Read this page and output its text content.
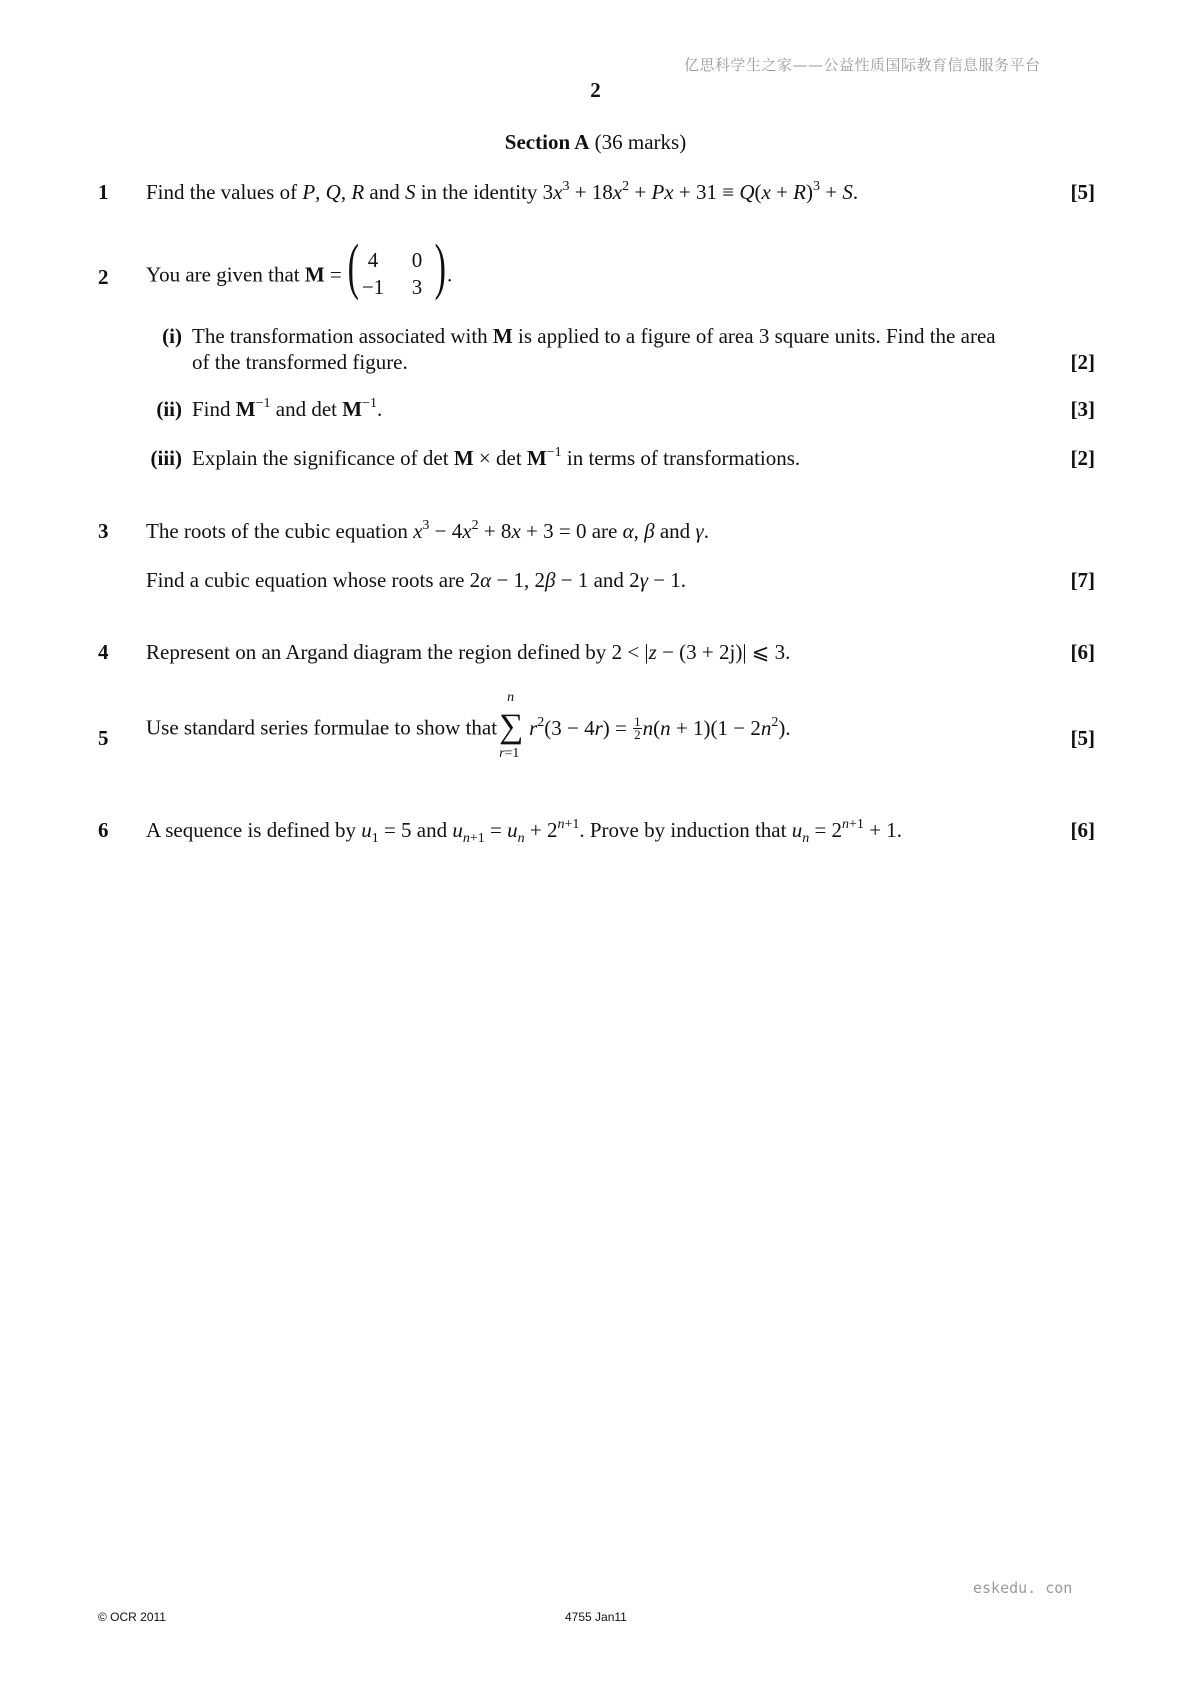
亿思科学生之家——公益性质国际教育信息服务平台
2
Section A (36 marks)
1 Find the values of P, Q, R and S in the identity $3x^3 + 18x^2 + Px + 31 \equiv Q(x + R)^3 + S$.	[5]
2 You are given that M = ( 4	0
−1	3 ) .
(i) The transformation associated with M is applied to a figure of area 3 square units. Find the area
of the transformed figure.	[2]
(ii) Find $M^{-1}$ and $\det M^{-1}$.	[3]
(iii) Explain the significance of $\det M \times \det M^{-1}$ in terms of transformations.	[2]
3 The roots of the cubic equation $x^3 - 4x^2 + 8x + 3 = 0$ are α, β and γ.
Find a cubic equation whose roots are 2α − 1, 2β − 1 and 2γ − 1.	[7]
4 Represent on an Argand diagram the region defined by 2 < |z − (3 + 2j)| ⩽ 3.	[6]
5 Use standard series formulae to show that
n
∑
r=1
$r^2(3 - 4r) = \frac{1}{2} n(n + 1)(1 - 2n^2)$.	[5]
6 A sequence is defined by $u_1 = 5$ and $u_{n+1} = u_n + 2^{n+1}$. Prove by induction that $u_n = 2^{n+1} + 1$.	[6]
eskedu. con
© OCR 2011	4755 Jan11
